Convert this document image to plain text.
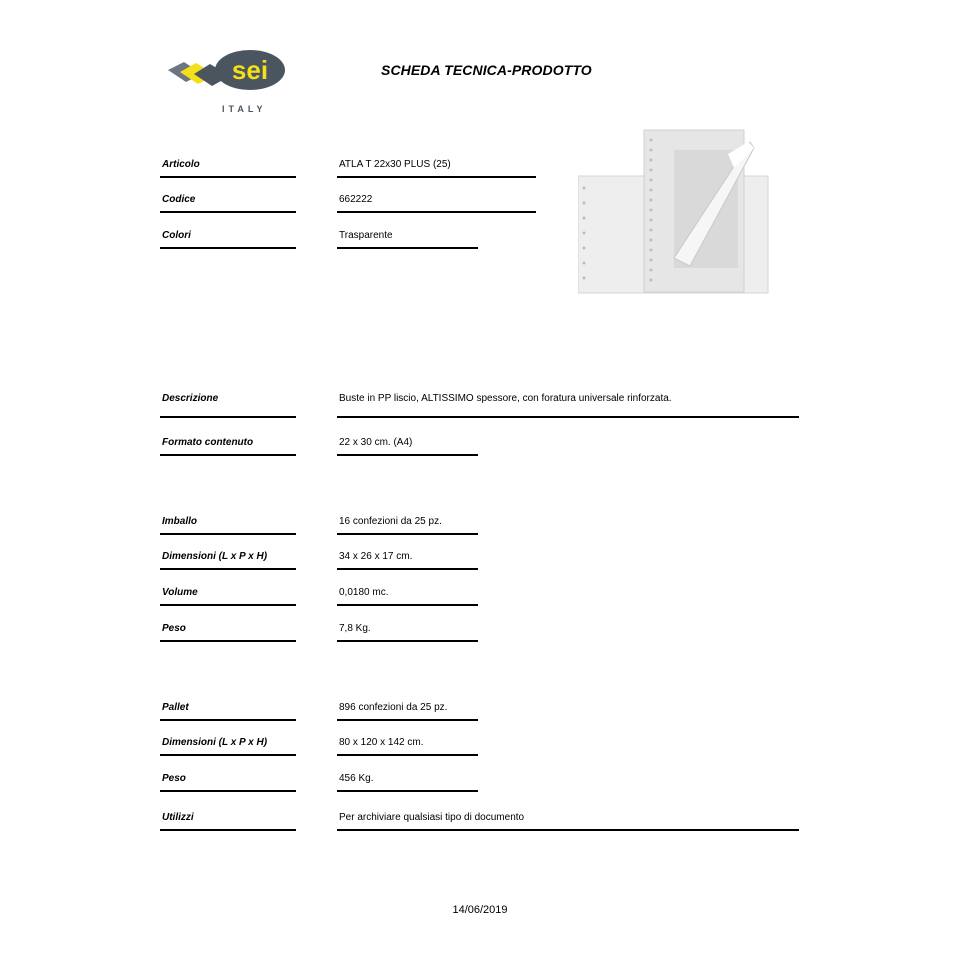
sei
ITALY
SCHEDA TECNICA-PRODOTTO
Articolo	ATLA T 22x30 PLUS (25)
Codice	662222
Colori	Trasparente
Descrizione	Buste in PP liscio, ALTISSIMO spessore, con foratura universale rinforzata.
Formato contenuto	22 x 30 cm. (A4)
Imballo	16 confezioni da 25 pz.
Dimensioni (L x P x H)	34 x 26 x 17 cm.
Volume	0,0180 mc.
Peso	7,8 Kg.
Pallet	896 confezioni da 25 pz.
Dimensioni (L x P x H)	80 x 120 x 142 cm.
Peso	456 Kg.
Utilizzi	Per archiviare qualsiasi tipo di documento
14/06/2019
